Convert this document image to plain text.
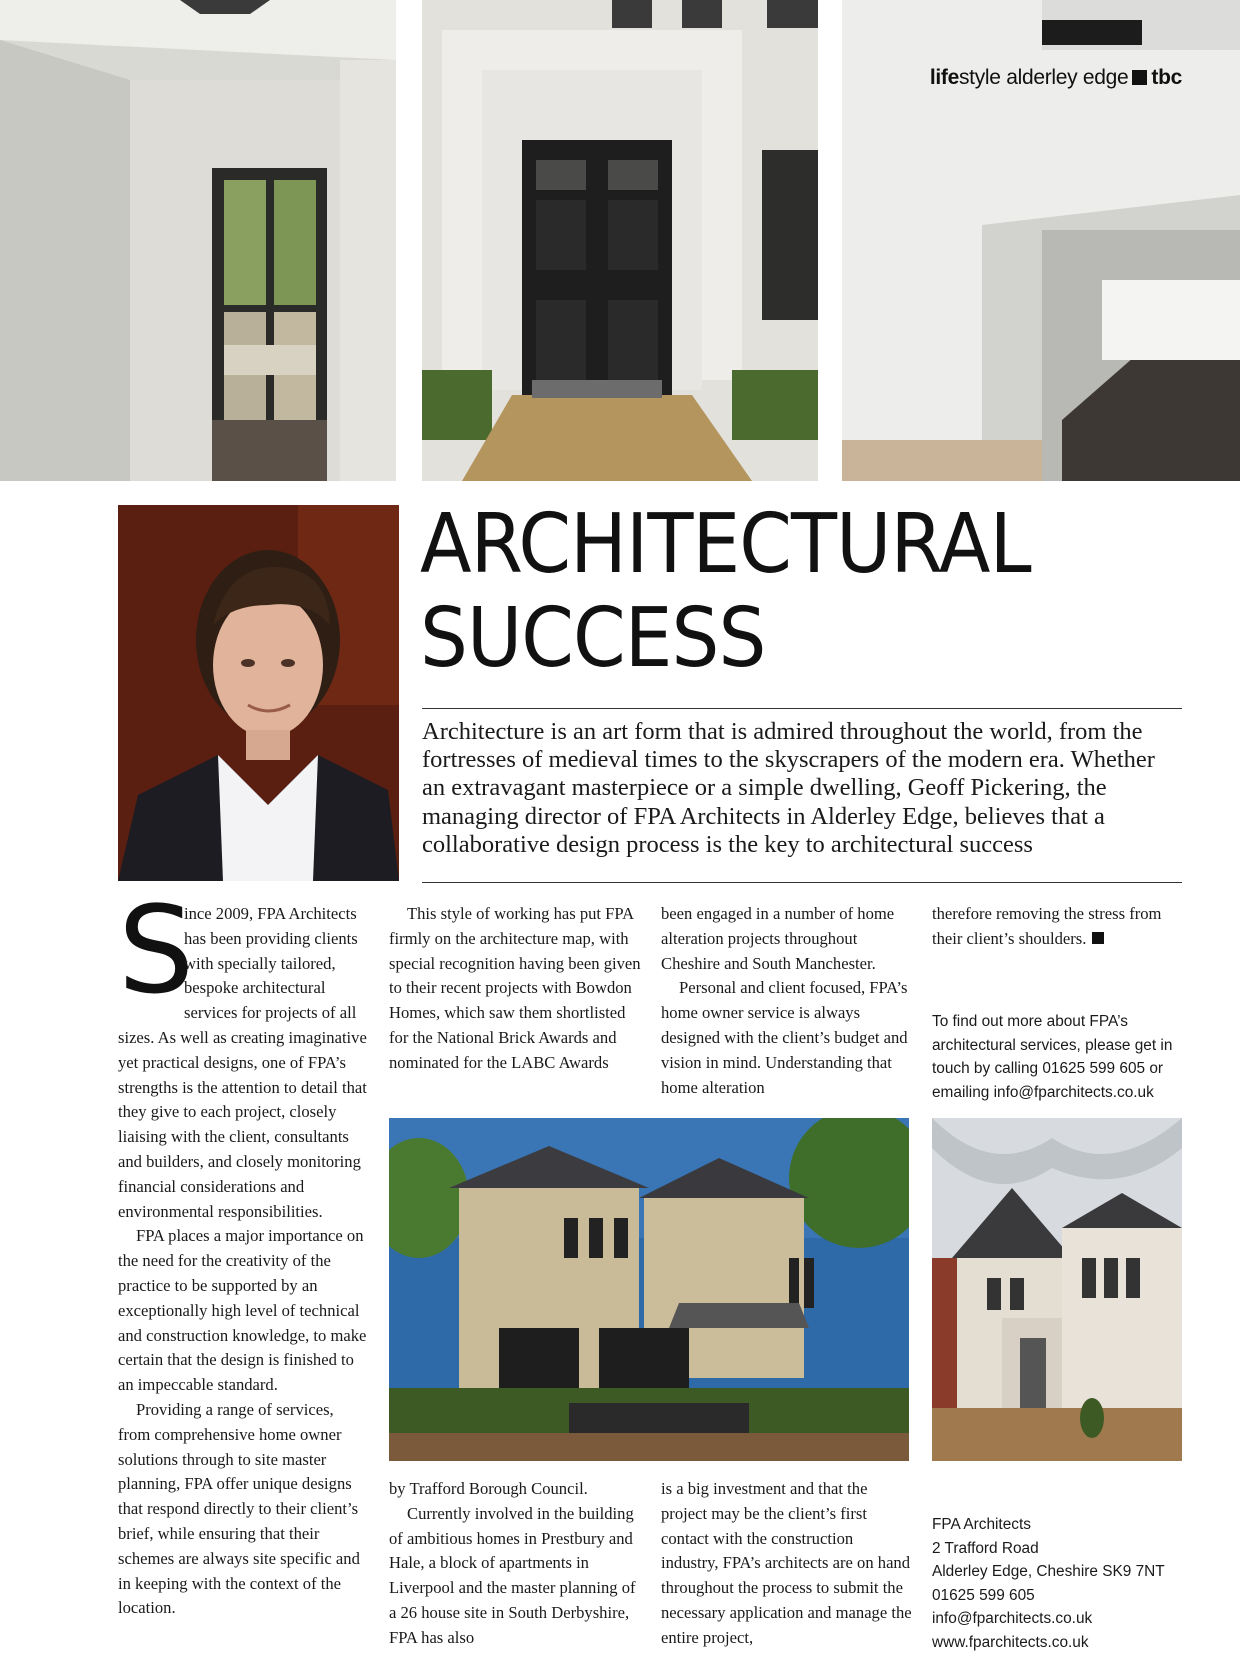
lifestyle alderley edge tbc
ARCHITECTURAL
SUCCESS
Architecture is an art form that is admired throughout the world, from the fortresses of medieval times to the skyscrapers of the modern era. Whether an extravagant masterpiece or a simple dwelling, Geoff Pickering, the managing director of FPA Architects in Alderley Edge, believes that a collaborative design process is the key to architectural success

S
ince 2009, FPA Architects has been providing clients with specially tailored, bespoke architectural services for projects of all sizes. As well as creating imaginative yet practical designs, one of FPA’s strengths is the attention to detail that they give to each project, closely liaising with the client, consultants and builders, and closely monitoring financial considerations and environmental responsibilities.

FPA places a major importance on the need for the creativity of the practice to be supported by an exceptionally high level of technical and construction knowledge, to make certain that the design is finished to an impeccable standard.

Providing a range of services, from comprehensive home owner solutions through to site master planning, FPA offer unique designs that respond directly to their client’s brief, while ensuring that their schemes are always site specific and in keeping with the context of the location.

This style of working has put FPA firmly on the architecture map, with special recognition having been given to their recent projects with Bowdon Homes, which saw them shortlisted for the National Brick Awards and nominated for the LABC Awards

been engaged in a number of home alteration projects throughout Cheshire and South Manchester.

Personal and client focused, FPA’s home owner service is always designed with the client’s budget and vision in mind. Understanding that home alteration

therefore removing the stress from their client’s shoulders.

To find out more about FPA’s architectural services, please get in touch by calling 01625 599 605 or emailing info@fparchitects.co.uk

by Trafford Borough Council.

Currently involved in the building of ambitious homes in Prestbury and Hale, a block of apartments in Liverpool and the master planning of a 26 house site in South Derbyshire, FPA has also

is a big investment and that the project may be the client’s first contact with the construction industry, FPA’s architects are on hand throughout the process to submit the necessary application and manage the entire project,

FPA Architects

2 Trafford Road

Alderley Edge, Cheshire SK9 7NT

01625 599 605

info@fparchitects.co.uk

www.fparchitects.co.uk
